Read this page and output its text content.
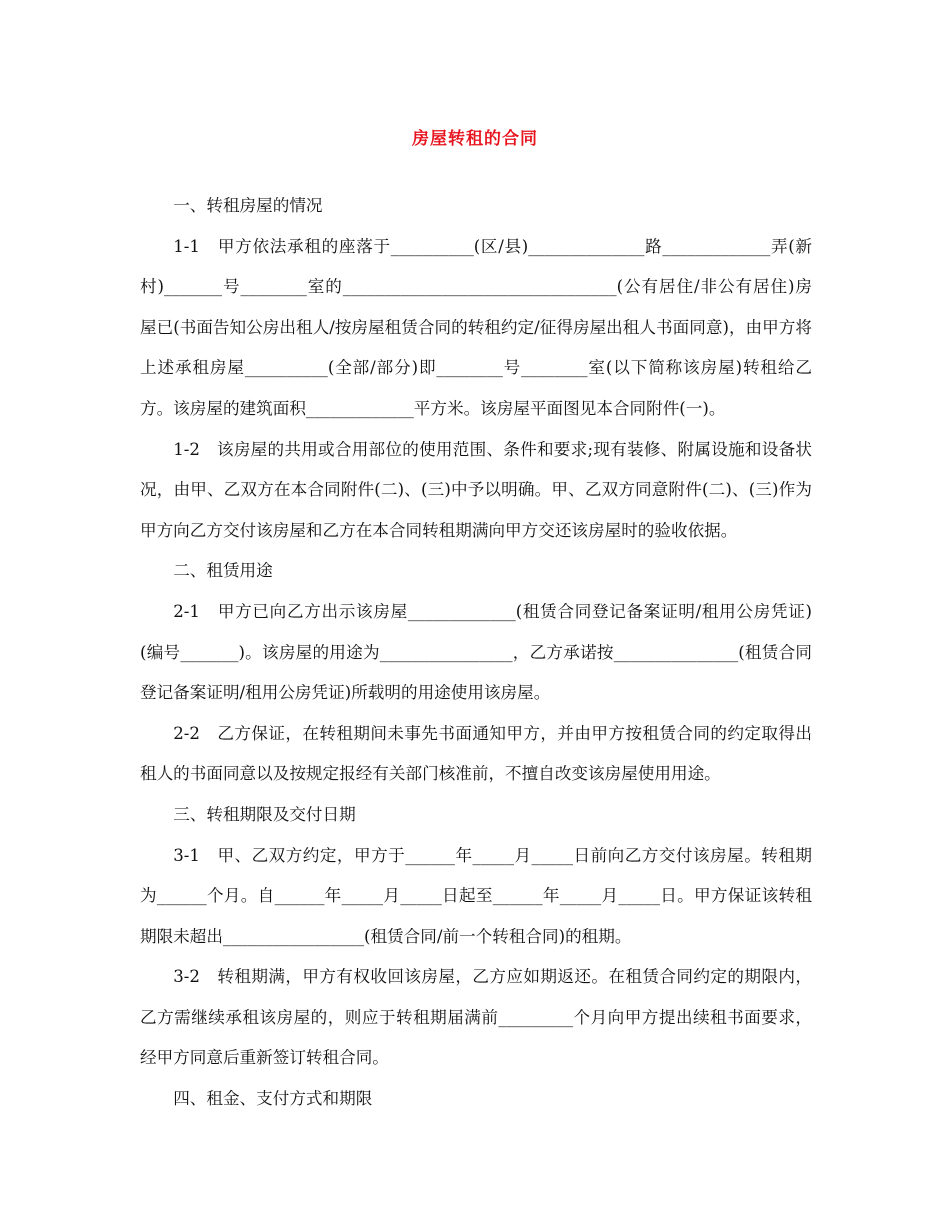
房屋转租的合同

一、转租房屋的情况

1-1　甲方依法承租的座落于__________(区/县)______________路_____________弄(新村)_______号________室的_________________________________(公有居住/非公有居住)房屋已(书面告知公房出租人/按房屋租赁合同的转租约定/征得房屋出租人书面同意)，由甲方将上述承租房屋__________(全部/部分)即________号________室(以下简称该房屋)转租给乙方。该房屋的建筑面积_____________平方米。该房屋平面图见本合同附件(一)。

1-2　该房屋的共用或合用部位的使用范围、条件和要求;现有装修、附属设施和设备状况，由甲、乙双方在本合同附件(二)、(三)中予以明确。甲、乙双方同意附件(二)、(三)作为甲方向乙方交付该房屋和乙方在本合同转租期满向甲方交还该房屋时的验收依据。

二、租赁用途

2-1　甲方已向乙方出示该房屋_____________(租赁合同登记备案证明/租用公房凭证)(编号_______)。该房屋的用途为________________，乙方承诺按_______________(租赁合同登记备案证明/租用公房凭证)所载明的用途使用该房屋。

2-2　乙方保证，在转租期间未事先书面通知甲方，并由甲方按租赁合同的约定取得出租人的书面同意以及按规定报经有关部门核准前，不擅自改变该房屋使用用途。

三、转租期限及交付日期

3-1　甲、乙双方约定，甲方于______年_____月_____日前向乙方交付该房屋。转租期为______个月。自______年_____月_____日起至______年_____月_____日。甲方保证该转租期限未超出_________________(租赁合同/前一个转租合同)的租期。

3-2　转租期满，甲方有权收回该房屋，乙方应如期返还。在租赁合同约定的期限内，乙方需继续承租该房屋的，则应于转租期届满前_________个月向甲方提出续租书面要求，经甲方同意后重新签订转租合同。

四、租金、支付方式和期限
